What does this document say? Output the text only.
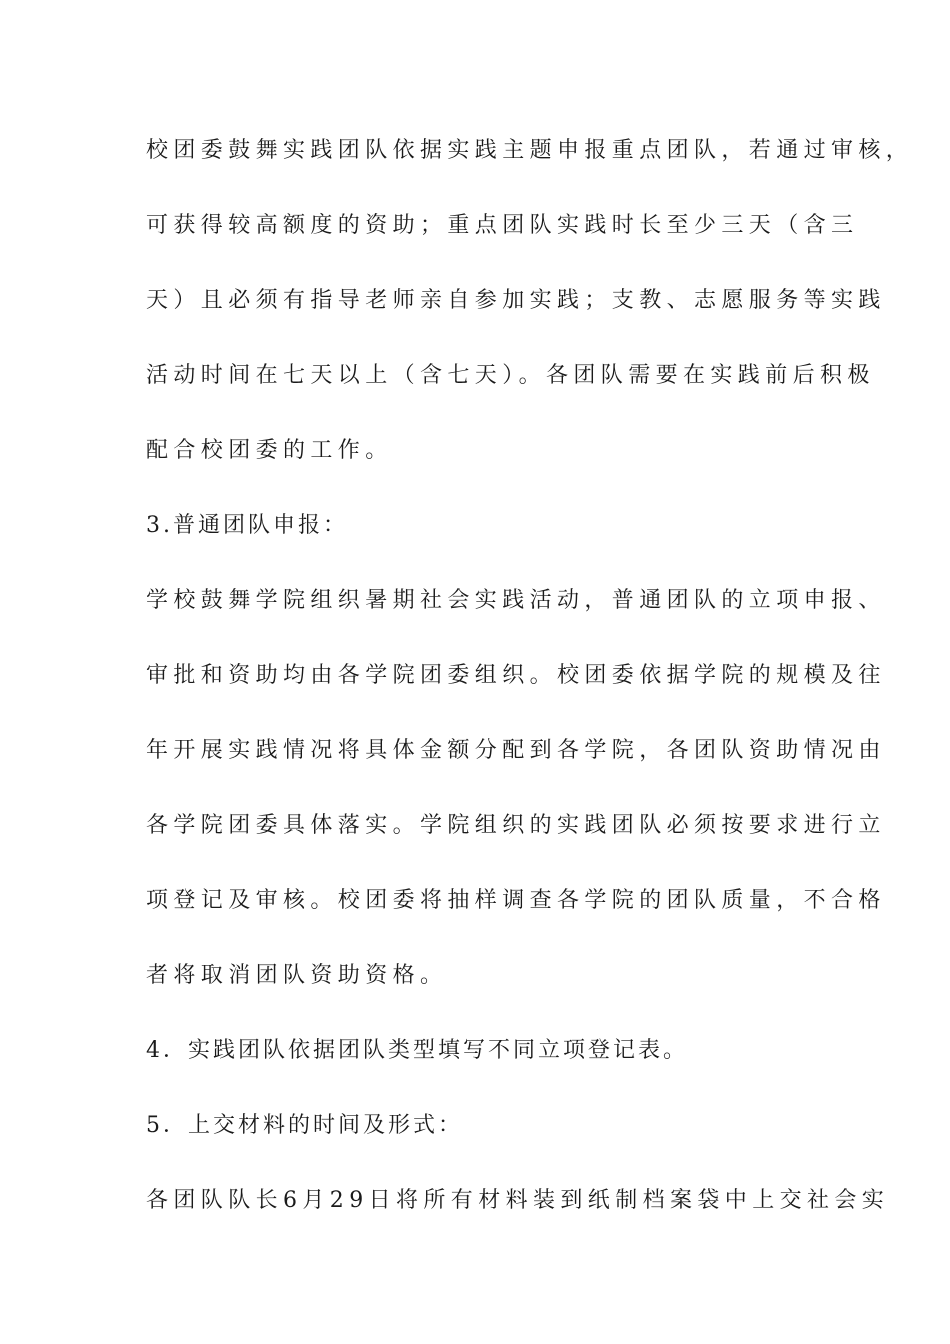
校团委鼓舞实践团队依据实践主题申报重点团队，若通过审核，
可获得较高额度的资助；重点团队实践时长至少三天（含三
天）且必须有指导老师亲自参加实践；支教、志愿服务等实践
活动时间在七天以上（含七天）。各团队需要在实践前后积极
配合校团委的工作。
3.普通团队申报：
学校鼓舞学院组织暑期社会实践活动，普通团队的立项申报、
审批和资助均由各学院团委组织。校团委依据学院的规模及往
年开展实践情况将具体金额分配到各学院，各团队资助情况由
各学院团委具体落实。学院组织的实践团队必须按要求进行立
项登记及审核。校团委将抽样调查各学院的团队质量，不合格
者将取消团队资助资格。
4．实践团队依据团队类型填写不同立项登记表。
5．上交材料的时间及形式：
各团队队长6月29日将所有材料装到纸制档案袋中上交社会实
